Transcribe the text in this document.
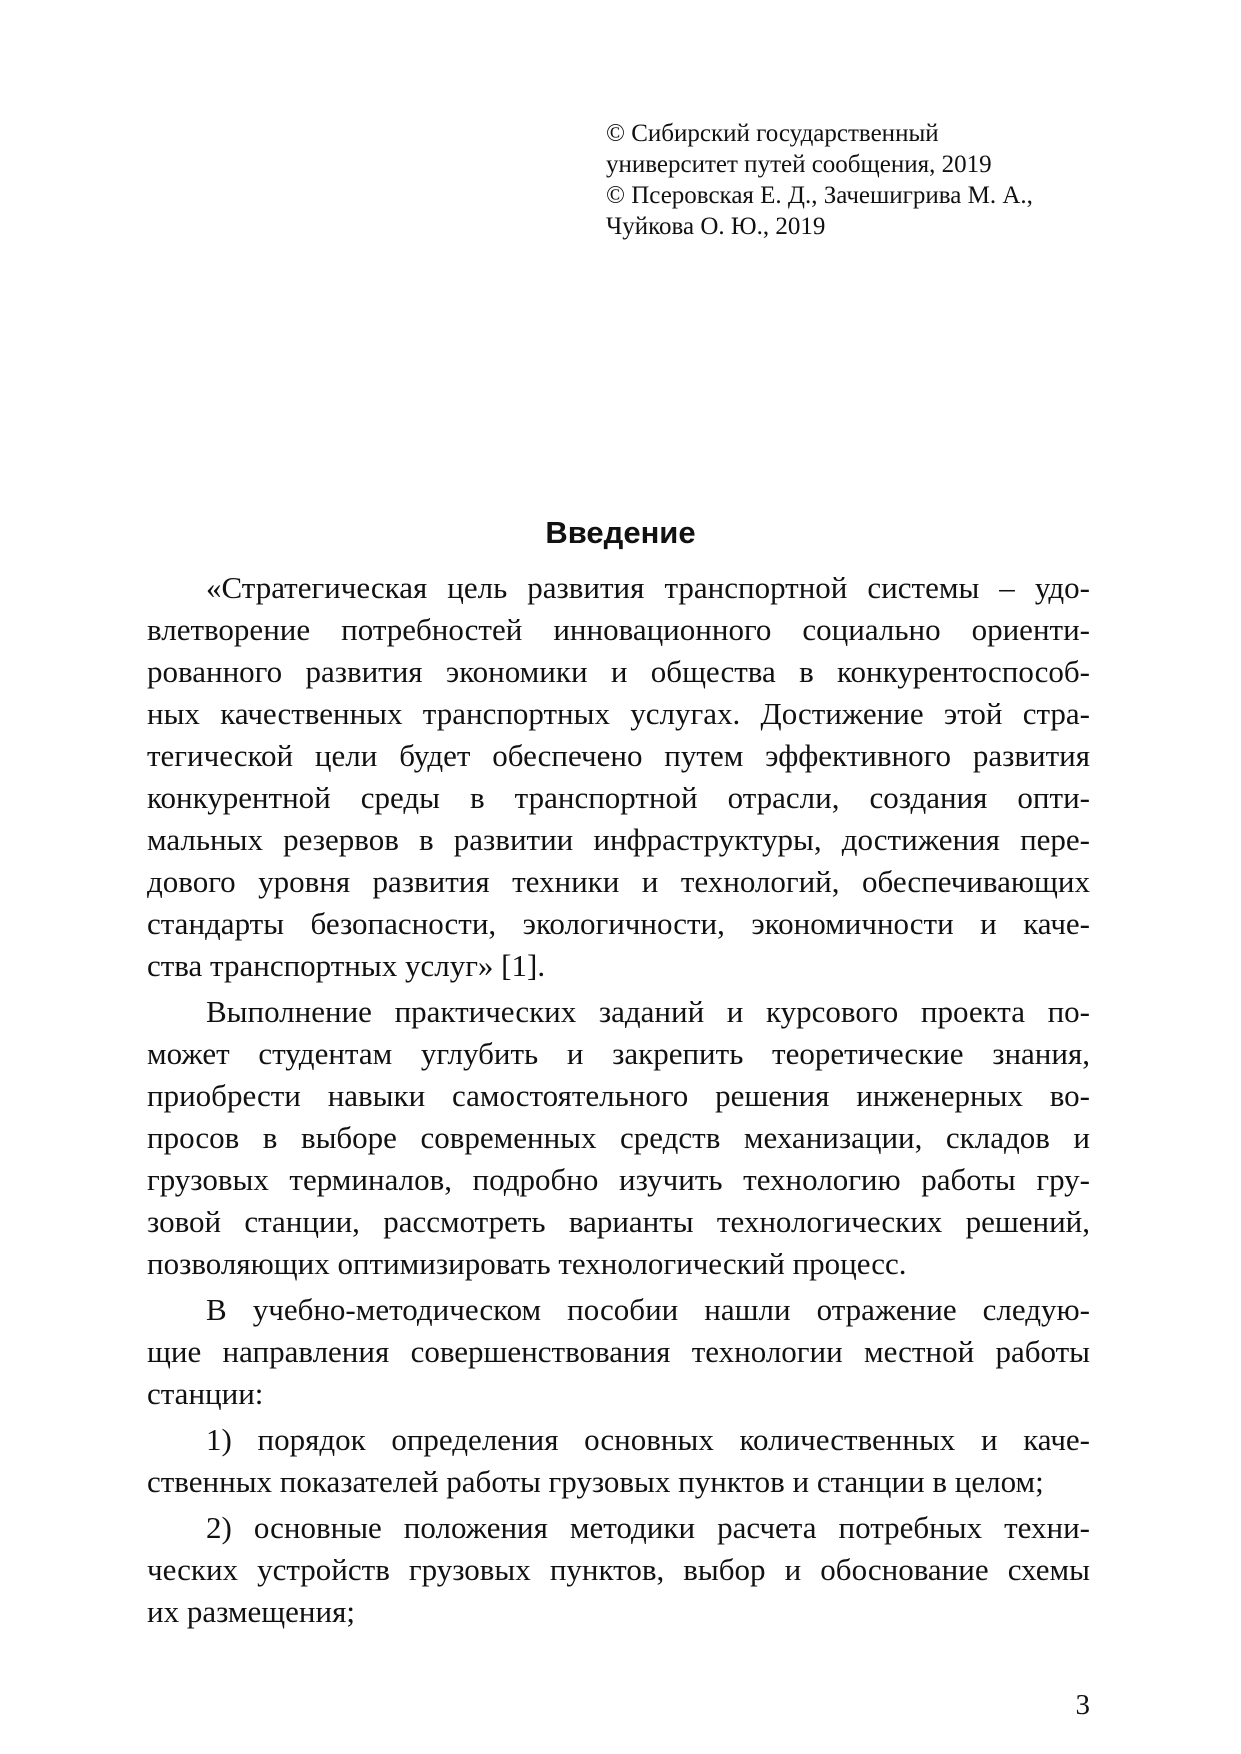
© Сибирский государственный
университет путей сообщения, 2019
© Псеровская Е. Д., Зачешигрива М. А.,
Чуйкова О. Ю., 2019
Введение
«Стратегическая цель развития транспортной системы – удо-
влетворение потребностей инновационного социально ориенти-
рованного развития экономики и общества в конкурентоспособ-
ных качественных транспортных услугах. Достижение этой стра-
тегической цели будет обеспечено путем эффективного развития
конкурентной среды в транспортной отрасли, создания опти-
мальных резервов в развитии инфраструктуры, достижения пере-
дового уровня развития техники и технологий, обеспечивающих
стандарты безопасности, экологичности, экономичности и каче-
ства транспортных услуг» [1].
Выполнение практических заданий и курсового проекта по-
может студентам углубить и закрепить теоретические знания,
приобрести навыки самостоятельного решения инженерных во-
просов в выборе современных средств механизации, складов и
грузовых терминалов, подробно изучить технологию работы гру-
зовой станции, рассмотреть варианты технологических решений,
позволяющих оптимизировать технологический процесс.
В учебно-методическом пособии нашли отражение следую-
щие направления совершенствования технологии местной работы
станции:
1) порядок определения основных количественных и каче-
ственных показателей работы грузовых пунктов и станции в целом;
2) основные положения методики расчета потребных техни-
ческих устройств грузовых пунктов, выбор и обоснование схемы
их размещения;
3
